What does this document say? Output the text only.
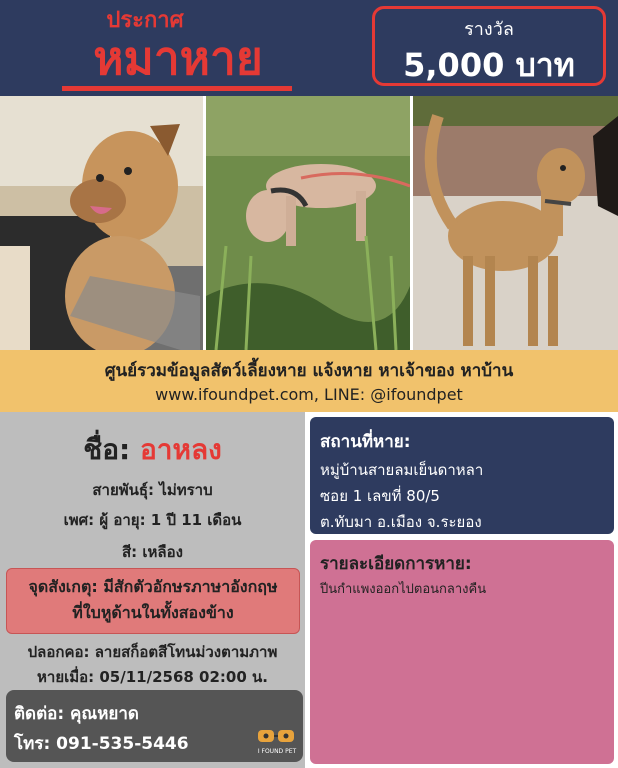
ประกาศ
หมาหาย
รางวัล
5,000 บาท
ศูนย์รวมข้อมูลสัตว์เลี้ยงหาย แจ้งหาย หาเจ้าของ หาบ้าน
www.ifoundpet.com, LINE: @ifoundpet
ชื่อ: อาหลง
สายพันธุ์: ไม่ทราบ
เพศ: ผู้ อายุ: 1 ปี 11 เดือน
สี: เหลือง
จุดสังเกตุ: มีสักตัวอักษรภาษาอังกฤษ
ที่ใบหูด้านในทั้งสองข้าง
ปลอกคอ: ลายสก็อตสีโทนม่วงตามภาพ
หายเมื่อ: 05/11/2568 02:00 น.
ติดต่อ: คุณหยาด
โทร: 091-535-5446	I FOUND PET
สถานที่หาย:
หมู่บ้านสายลมเย็นดาหลา
ซอย 1 เลขที่ 80/5
ต.ทับมา อ.เมือง จ.ระยอง
รายละเอียดการหาย:
ปีนกำแพงออกไปตอนกลางคืน
